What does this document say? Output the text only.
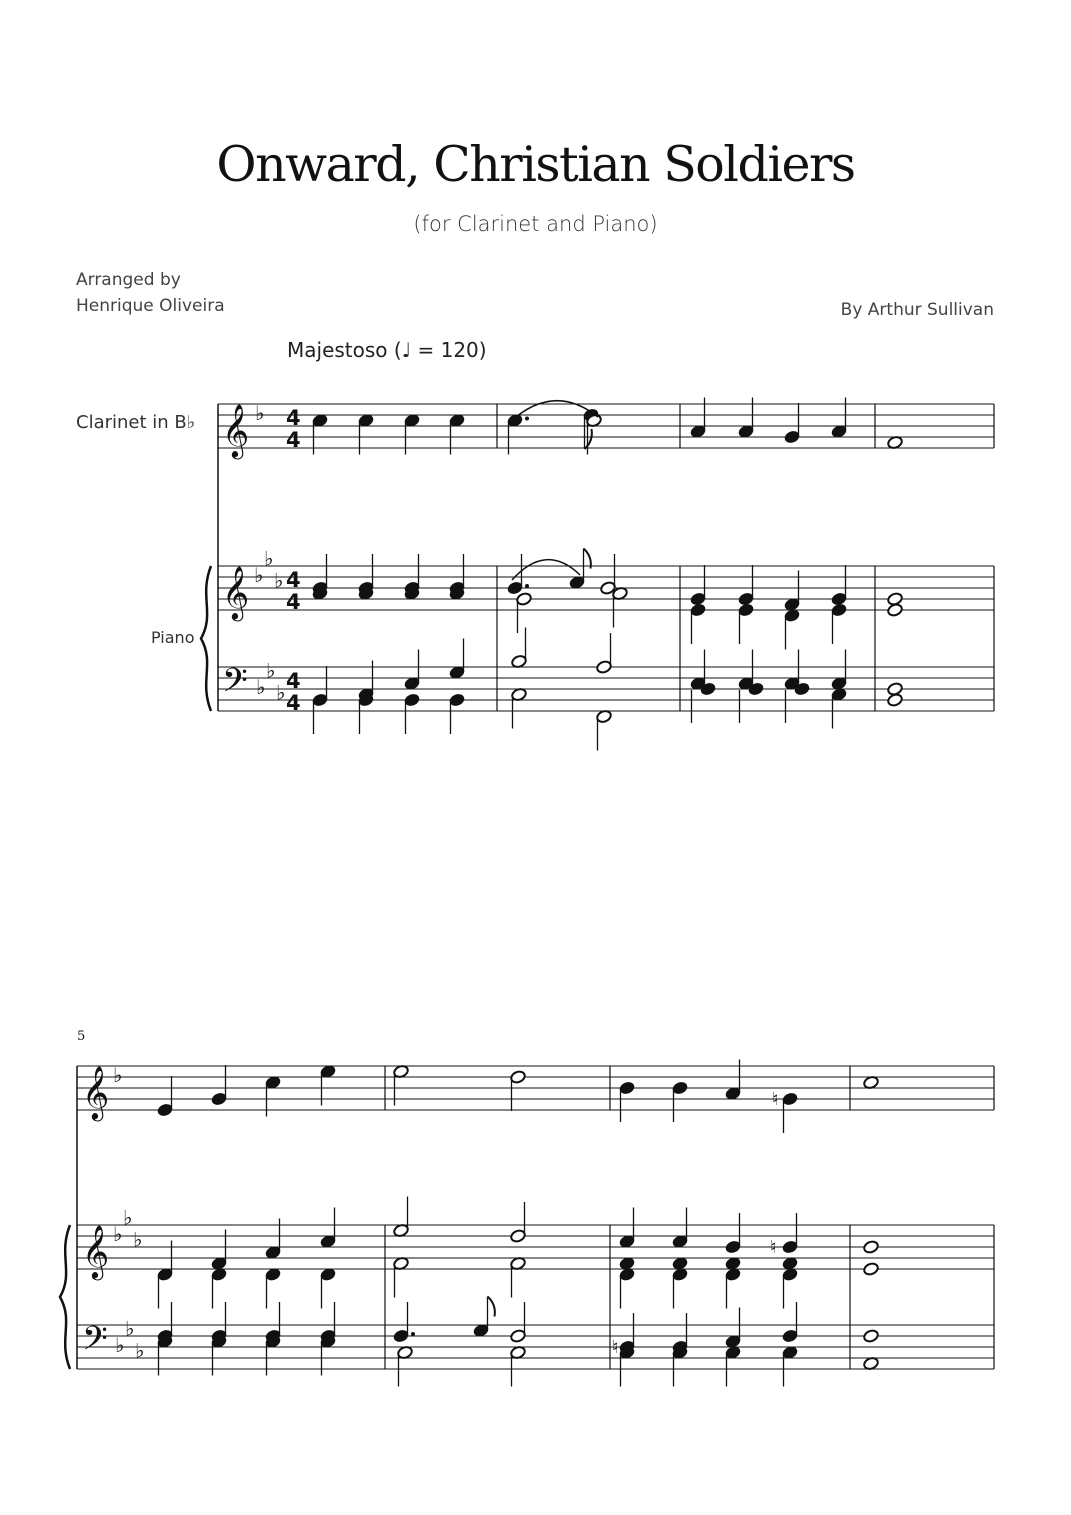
Onward, Christian Soldiers
(for Clarinet and Piano)
Arranged by
Henrique Oliveira	By Arthur Sullivan
Majestoso (♩ = 120)
Clarinet in B♭
Piano
5
𝄞
𝄞
𝄢
♭
♭
♭
♭
♭
♭
♭
4
4
4
4
4
4
𝄞
𝄞
𝄢
♭
♭
♭
♭
♭
♭
♭
♮
♮
♮
